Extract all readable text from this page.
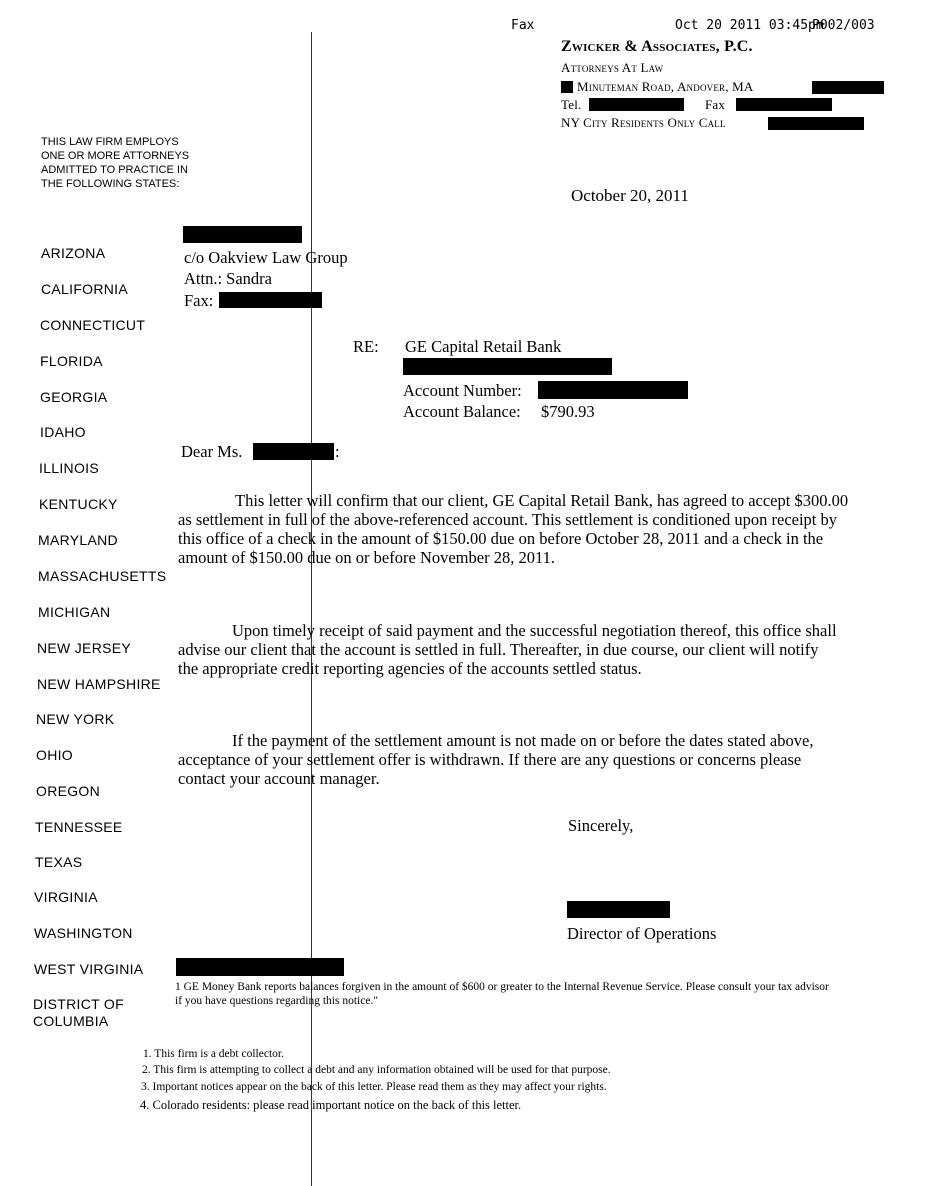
Fax	Oct 20 2011 03:45pm
P002/003
Zwicker & Associates, P.C.
Attorneys At Law
Minuteman Road, Andover, MA
Tel.	Fax
NY City Residents Only Call
THIS LAW FIRM EMPLOYS ONE OR MORE ATTORNEYS ADMITTED TO PRACTICE IN THE FOLLOWING STATES:
ARIZONA
CALIFORNIA
CONNECTICUT
FLORIDA
GEORGIA
IDAHO
ILLINOIS
KENTUCKY
MARYLAND
MASSACHUSETTS
MICHIGAN
NEW JERSEY
NEW HAMPSHIRE
NEW YORK
OHIO
OREGON
TENNESSEE
TEXAS
VIRGINIA
WASHINGTON
WEST VIRGINIA
DISTRICT OF COLUMBIA
October 20, 2011
c/o Oakview Law Group
Attn.: Sandra
Fax:
RE: GE Capital Retail Bank
Account Number:
Account Balance: $790.93
Dear Ms.	:

This letter will confirm that our client, GE Capital Retail Bank, has agreed to accept $300.00 as settlement in full of the above-referenced account. This settlement is conditioned upon receipt by this office of a check in the amount of $150.00 due on before October 28, 2011 and a check in the amount of $150.00 due on or before November 28, 2011.

Upon timely receipt of said payment and the successful negotiation thereof, this office shall advise our client that the account is settled in full. Thereafter, in due course, our client will notify the appropriate credit reporting agencies of the accounts settled status.

If the payment of the settlement amount is not made on or before the dates stated above, acceptance of your settlement offer is withdrawn. If there are any questions or concerns please contact your account manager.

Sincerely,
Director of Operations
1 GE Money Bank reports balances forgiven in the amount of $600 or greater to the Internal Revenue Service. Please consult your tax advisor if you have questions regarding this notice."
1. This firm is a debt collector.
2. This firm is attempting to collect a debt and any information obtained will be used for that purpose.
3. Important notices appear on the back of this letter. Please read them as they may affect your rights.
4. Colorado residents: please read important notice on the back of this letter.
